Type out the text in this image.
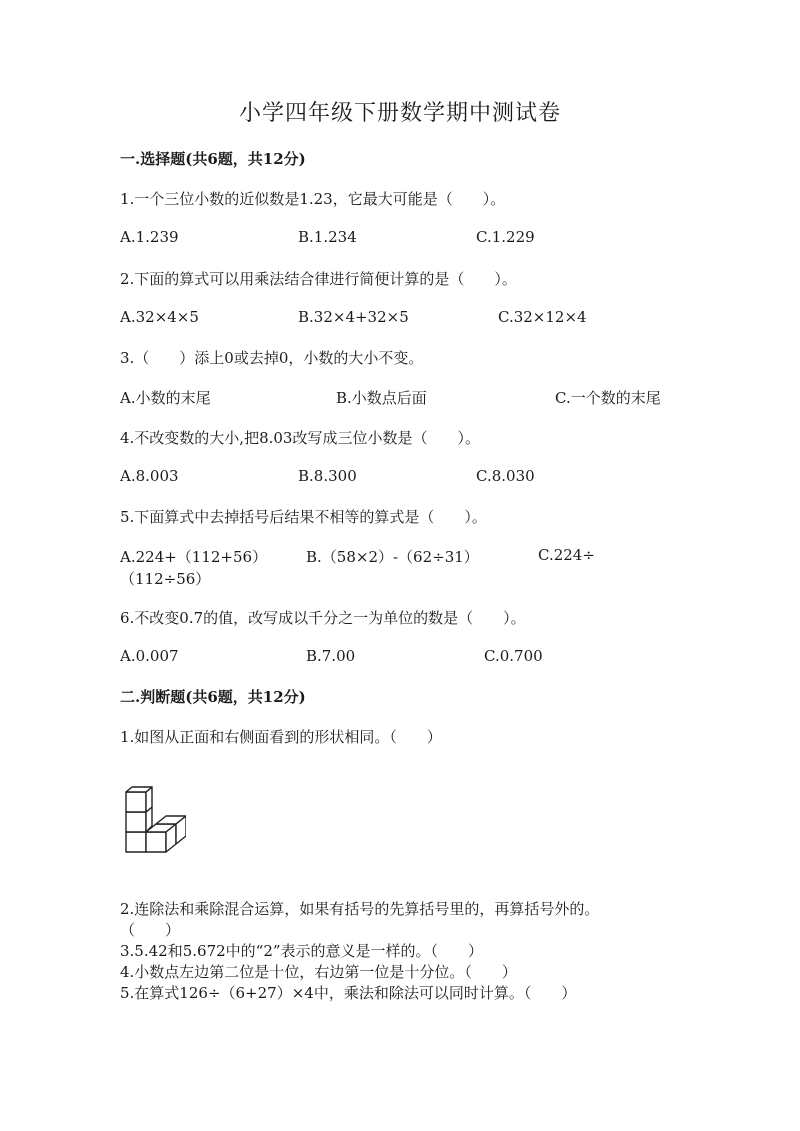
小学四年级下册数学期中测试卷
一.选择题(共6题，共12分)
1.一个三位小数的近似数是1.23，它最大可能是（　　）。
A.1.239	B.1.234	C.1.229
2.下面的算式可以用乘法结合律进行简便计算的是（　　）。
A.32×4×5	B.32×4+32×5	C.32×12×4
3.（　　）添上0或去掉0，小数的大小不变。
A.小数的末尾	B.小数点后面	C.一个数的末尾
4.不改变数的大小,把8.03改写成三位小数是（　　）。
A.8.003	B.8.300	C.8.030
5.下面算式中去掉括号后结果不相等的算式是（　　）。
A.224+（112+56）	B.（58×2）-（62÷31）	C.224÷
（112÷56）
6.不改变0.7的值，改写成以千分之一为单位的数是（　　）。
A.0.007	B.7.00	C.0.700
二.判断题(共6题，共12分)
1.如图从正面和右侧面看到的形状相同。（　　）
2.连除法和乘除混合运算，如果有括号的先算括号里的，再算括号外的。
（　　）
3.5.42和5.672中的“2”表示的意义是一样的。（　　）
4.小数点左边第二位是十位，右边第一位是十分位。（　　）
5.在算式126÷（6+27）×4中，乘法和除法可以同时计算。（　　）
